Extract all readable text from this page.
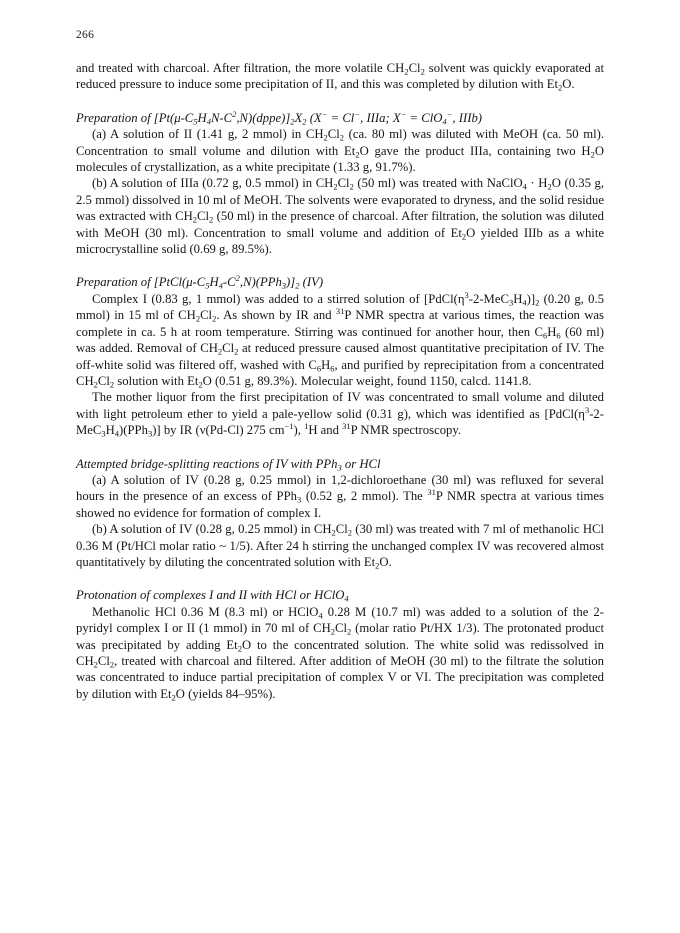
266

and treated with charcoal. After filtration, the more volatile $CH_2Cl_2$ solvent was quickly evaporated at reduced pressure to induce some precipitation of II, and this was completed by dilution with $Et_2O$.

Preparation of $[Pt(\mu-C_5H_4N-C^2,N)(dppe)]_2X_2$ (X− = Cl−, IIIa; X− = ClO$_4$−, IIIb)

(a) A solution of II (1.41 g, 2 mmol) in $CH_2Cl_2$ (ca. 80 ml) was diluted with MeOH (ca. 50 ml). Concentration to small volume and dilution with $Et_2O$ gave the product IIIa, containing two $H_2O$ molecules of crystallization, as a white precipitate (1.33 g, 91.7%).

(b) A solution of IIIa (0.72 g, 0.5 mmol) in $CH_2Cl_2$ (50 ml) was treated with NaClO$_4$ · $H_2O$ (0.35 g, 2.5 mmol) dissolved in 10 ml of MeOH. The solvents were evaporated to dryness, and the solid residue was extracted with $CH_2Cl_2$ (50 ml) in the presence of charcoal. After filtration, the solution was diluted with MeOH (30 ml). Concentration to small volume and addition of $Et_2O$ yielded IIIb as a white microcrystalline solid (0.69 g, 89.5%).

Preparation of $[PtCl(\mu-C_5H_4-C^2,N)(PPh_3)]_2$ (IV)

Complex I (0.83 g, 1 mmol) was added to a stirred solution of $[PdCl(\eta^3-2-MeC_3H_4)]_2$ (0.20 g, 0.5 mmol) in 15 ml of $CH_2Cl_2$. As shown by IR and $^{31}$P NMR spectra at various times, the reaction was complete in ca. 5 h at room temperature. Stirring was continued for another hour, then $C_6H_6$ (60 ml) was added. Removal of $CH_2Cl_2$ at reduced pressure caused almost quantitative precipitation of IV. The off-white solid was filtered off, washed with $C_6H_6$, and purified by reprecipitation from a concentrated $CH_2Cl_2$ solution with $Et_2O$ (0.51 g, 89.3%). Molecular weight, found 1150, calcd. 1141.8.

The mother liquor from the first precipitation of IV was concentrated to small volume and diluted with light petroleum ether to yield a pale-yellow solid (0.31 g), which was identified as $[PdCl(\eta^3-2-MeC_3H_4)(PPh_3)]$ by IR (ν(Pd-Cl) 275 $cm^{-1}$), $^1$H and $^{31}$P NMR spectroscopy.

Attempted bridge-splitting reactions of IV with PPh$_3$ or HCl

(a) A solution of IV (0.28 g, 0.25 mmol) in 1,2-dichloroethane (30 ml) was refluxed for several hours in the presence of an excess of PPh$_3$ (0.52 g, 2 mmol). The $^{31}$P NMR spectra at various times showed no evidence for formation of complex I.

(b) A solution of IV (0.28 g, 0.25 mmol) in $CH_2Cl_2$ (30 ml) was treated with 7 ml of methanolic HCl 0.36 M (Pt/HCl molar ratio ~ 1/5). After 24 h stirring the unchanged complex IV was recovered almost quantitatively by diluting the concentrated solution with $Et_2O$.

Protonation of complexes I and II with HCl or HClO$_4$

Methanolic HCl 0.36 M (8.3 ml) or HClO$_4$ 0.28 M (10.7 ml) was added to a solution of the 2-pyridyl complex I or II (1 mmol) in 70 ml of $CH_2Cl_2$ (molar ratio Pt/HX 1/3). The protonated product was precipitated by adding $Et_2O$ to the concentrated solution. The white solid was redissolved in $CH_2Cl_2$, treated with charcoal and filtered. After addition of MeOH (30 ml) to the filtrate the solution was concentrated to induce partial precipitation of complex V or VI. The precipitation was completed by dilution with $Et_2O$ (yields 84–95%).
